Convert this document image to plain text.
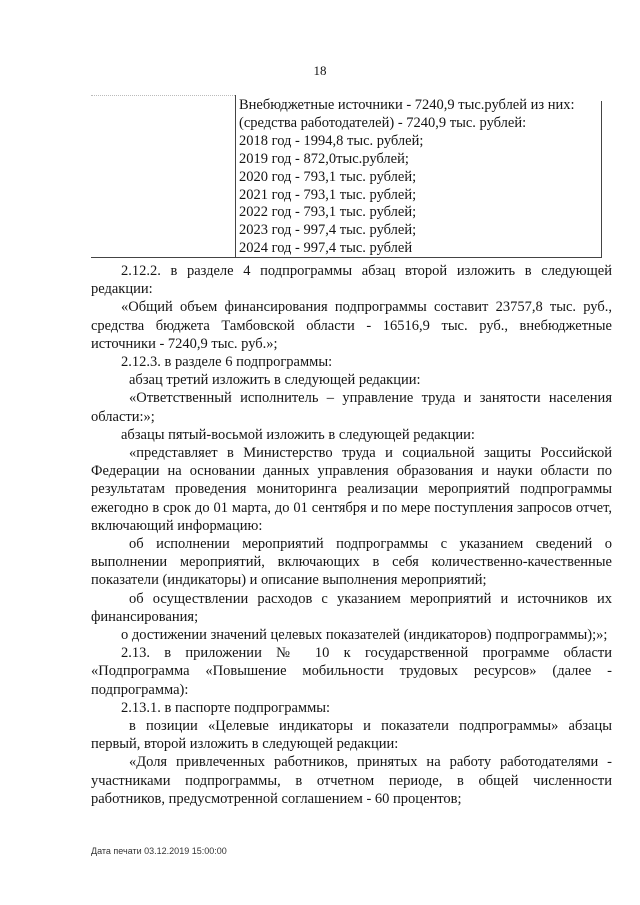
18
Внебюджетные источники - 7240,9 тыс.рублей из них:
(средства работодателей) - 7240,9 тыс. рублей:
2018 год - 1994,8 тыс. рублей;
2019 год - 872,0тыс.рублей;
2020 год - 793,1 тыс. рублей;
2021 год - 793,1 тыс. рублей;
2022 год - 793,1 тыс. рублей;
2023 год - 997,4 тыс. рублей;
2024 год - 997,4 тыс. рублей
2.12.2. в разделе 4 подпрограммы абзац второй изложить в следующей редакции:
«Общий объем финансирования подпрограммы составит 23757,8 тыс. руб., средства бюджета Тамбовской области - 16516,9 тыс. руб., внебюджетные источники - 7240,9 тыс. руб.»;
2.12.3. в разделе 6 подпрограммы:
абзац третий изложить в следующей редакции:
«Ответственный исполнитель – управление труда и занятости населения области:»;
абзацы пятый-восьмой изложить в следующей редакции:
«представляет в Министерство труда и социальной защиты Российской Федерации на основании данных управления образования и науки области по результатам проведения мониторинга реализации мероприятий подпрограммы ежегодно в срок до 01 марта, до 01 сентября и по мере поступления запросов отчет, включающий информацию:
об исполнении мероприятий подпрограммы с указанием сведений о выполнении мероприятий, включающих в себя количественно-качественные показатели (индикаторы) и описание выполнения мероприятий;
об осуществлении расходов с указанием мероприятий и источников их финансирования;
о достижении значений целевых показателей (индикаторов) подпрограммы);»;
2.13. в приложении № 10 к государственной программе области «Подпрограмма «Повышение мобильности трудовых ресурсов» (далее - подпрограмма):
2.13.1. в паспорте подпрограммы:
в позиции «Целевые индикаторы и показатели подпрограммы» абзацы первый, второй изложить в следующей редакции:
«Доля привлеченных работников, принятых на работу работодателями - участниками подпрограммы, в отчетном периоде, в общей численности работников, предусмотренной соглашением - 60 процентов;
Дата печати 03.12.2019 15:00:00
